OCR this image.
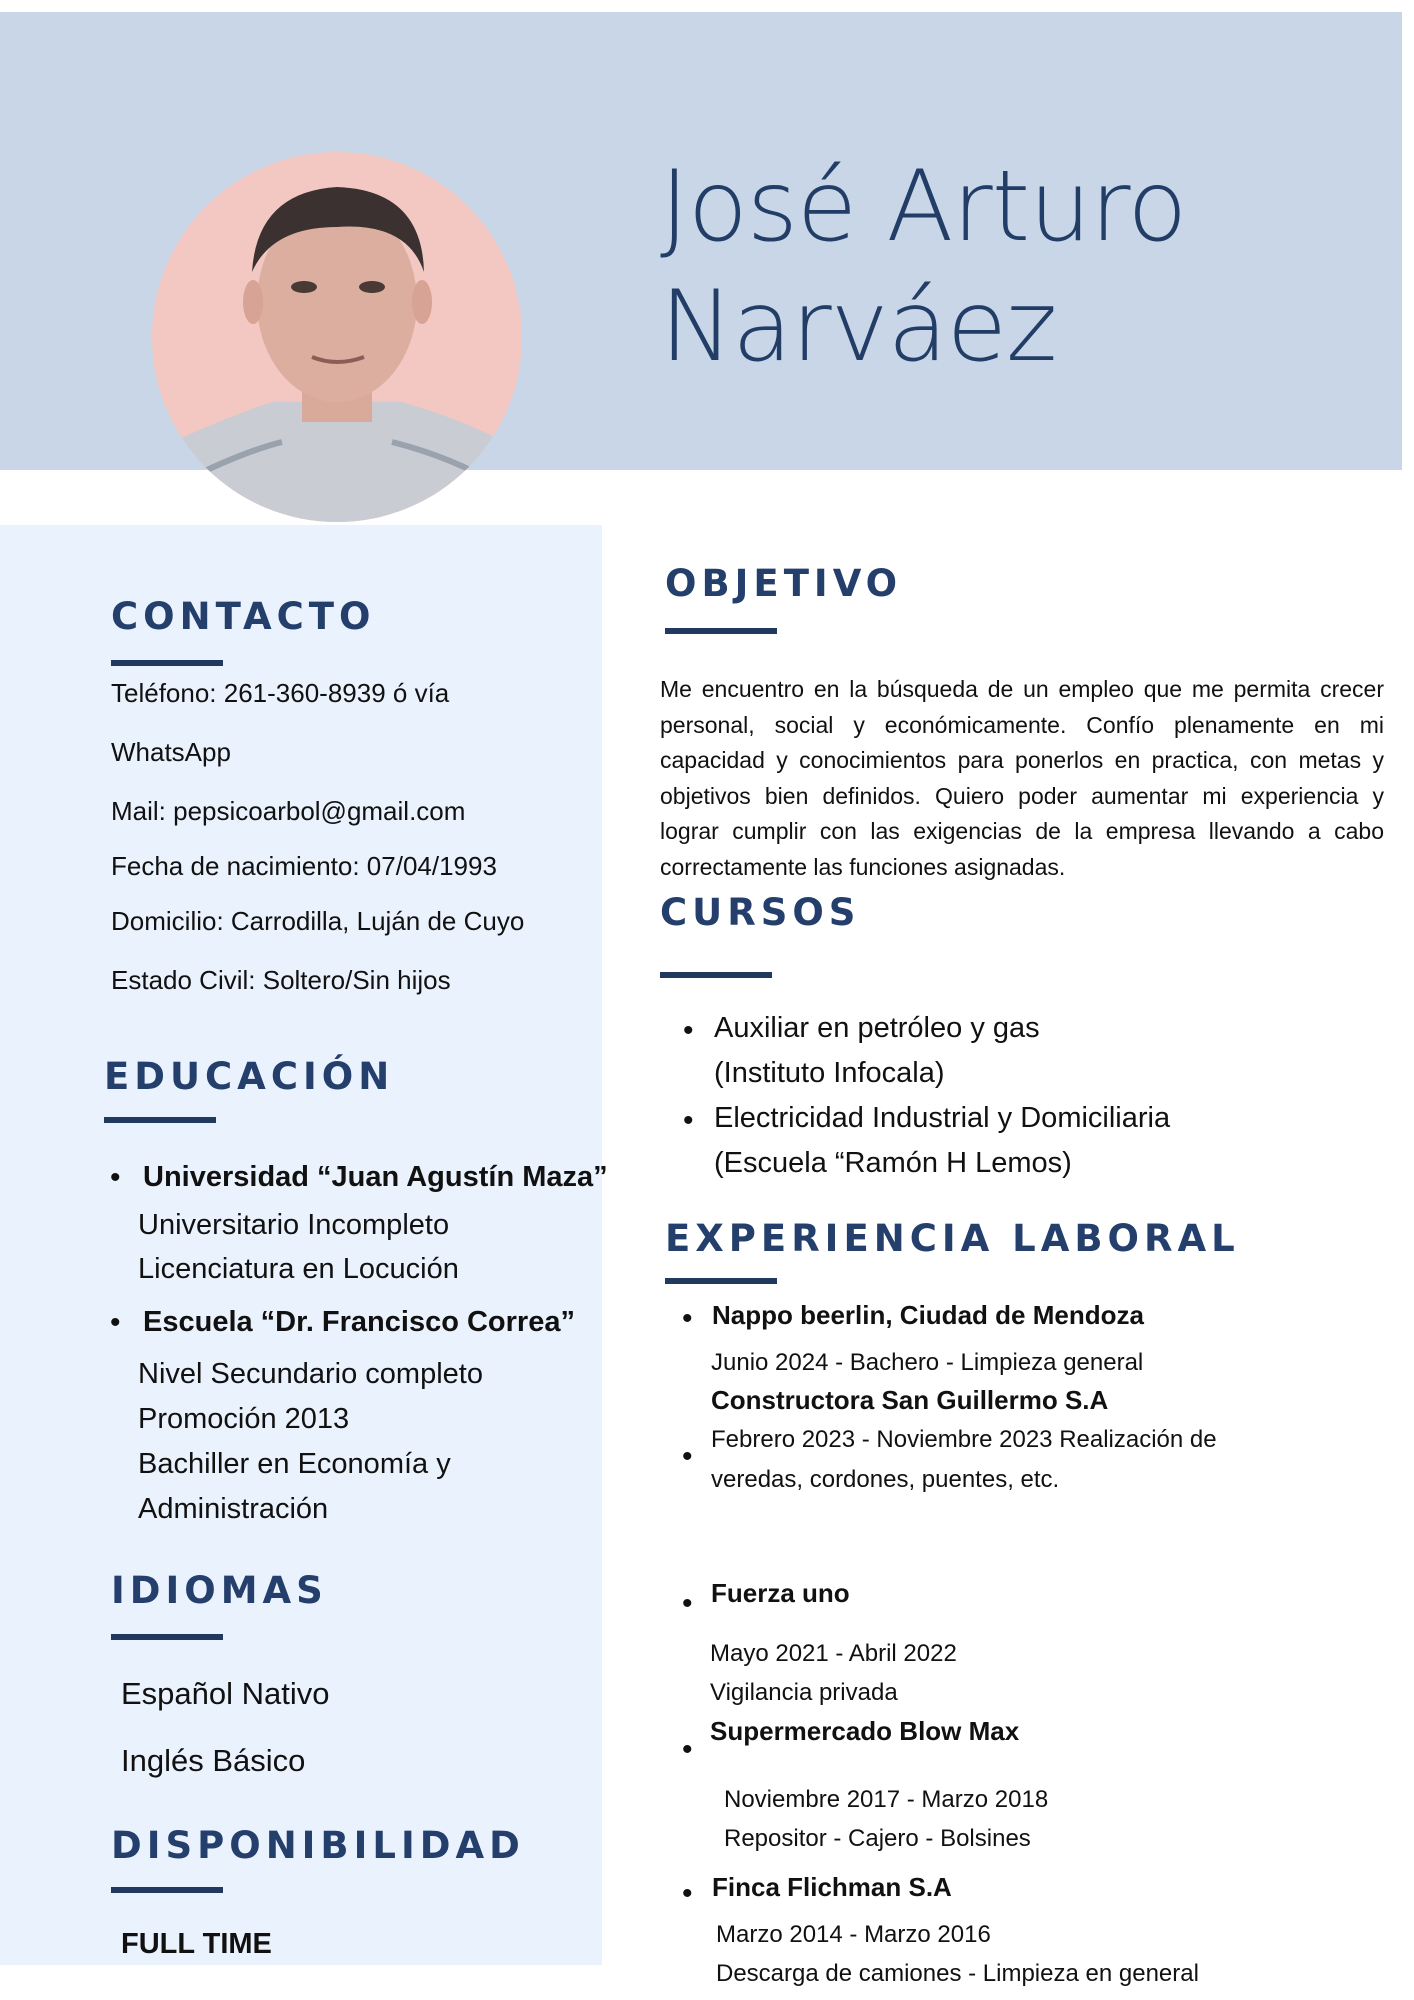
José Arturo
Narváez
CONTACTO
Teléfono: 261-360-8939 ó vía
WhatsApp
Mail: pepsicoarbol@gmail.com
Fecha de nacimiento: 07/04/1993
Domicilio: Carrodilla, Luján de Cuyo
Estado Civil: Soltero/Sin hijos
EDUCACIÓN
• Universidad “Juan Agustín Maza”
Universitario Incompleto
Licenciatura en Locución
• Escuela “Dr. Francisco Correa”
Nivel Secundario completo
Promoción 2013
Bachiller en Economía y
Administración
IDIOMAS
Español Nativo
Inglés Básico
DISPONIBILIDAD
FULL TIME
OBJETIVO
Me encuentro en la búsqueda de un empleo que me permita crecer personal, social y económicamente. Confío plenamente en mi capacidad y conocimientos para ponerlos en practica, con metas y objetivos bien definidos. Quiero poder aumentar mi experiencia y lograr cumplir con las exigencias de la empresa llevando a cabo correctamente las funciones asignadas.
CURSOS
• Auxiliar en petróleo y gas
(Instituto Infocala)
• Electricidad Industrial y Domiciliaria
(Escuela “Ramón H Lemos)
EXPERIENCIA LABORAL
• Nappo beerlin, Ciudad de Mendoza
Junio 2024 - Bachero - Limpieza general
Constructora San Guillermo S.A
•
Febrero 2023 - Noviembre 2023 Realización de
veredas, cordones, puentes, etc.
• Fuerza uno
Mayo 2021 - Abril 2022
Vigilancia privada
•
Supermercado Blow Max
Noviembre 2017 - Marzo 2018
Repositor - Cajero - Bolsines
• Finca Flichman S.A
Marzo 2014 - Marzo 2016
Descarga de camiones - Limpieza en general
